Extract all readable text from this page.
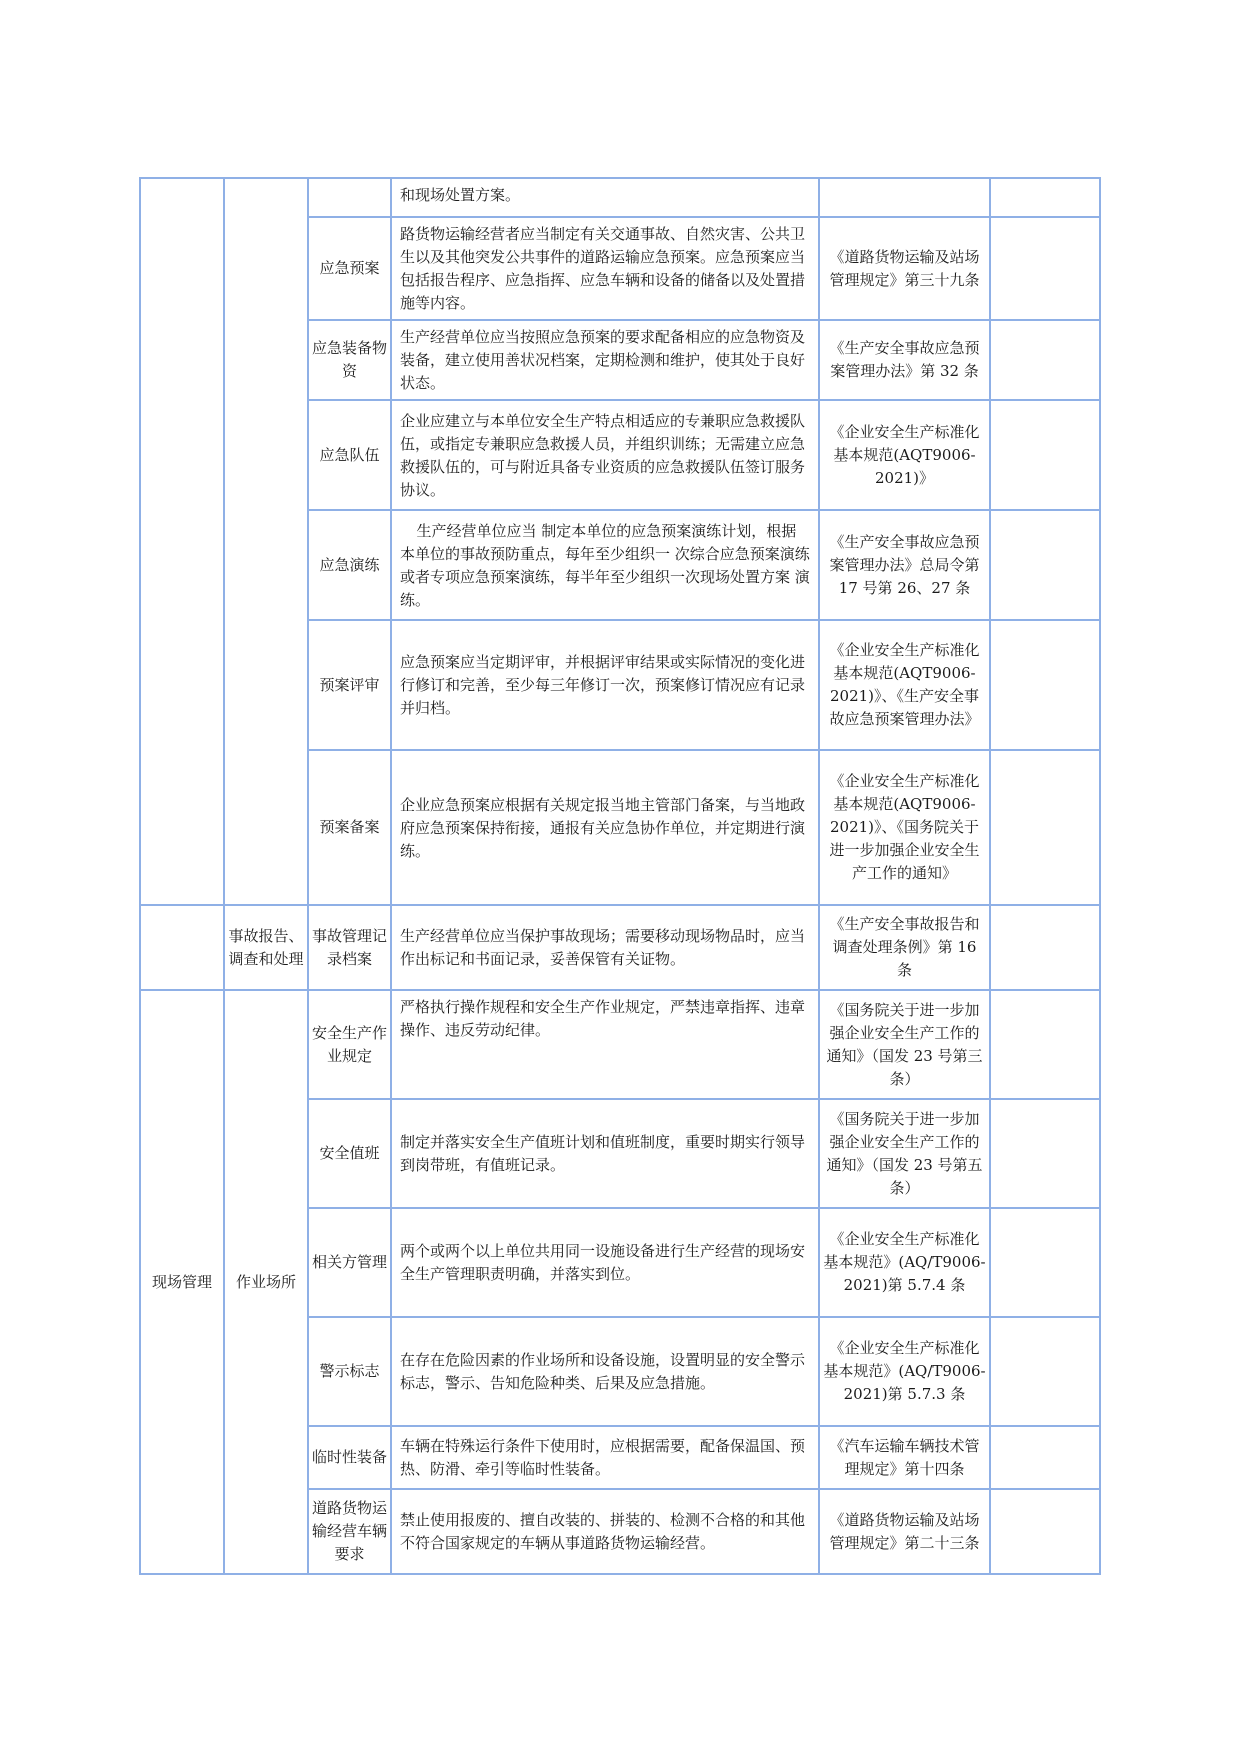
			和现场处置方案。		
		应急预案	路货物运输经营者应当制定有关交通事故、自然灾害、公共卫生以及其他突发公共事件的道路运输应急预案。应急预案应当包括报告程序、应急指挥、应急车辆和设备的储备以及处置措施等内容。	《道路货物运输及站场管理规定》第三十九条	
		应急装备物资	生产经营单位应当按照应急预案的要求配备相应的应急物资及装备，建立使用善状况档案，定期检测和维护，使其处于良好状态。	《生产安全事故应急预案管理办法》第 32 条	
		应急队伍	企业应建立与本单位安全生产特点相适应的专兼职应急救援队伍，或指定专兼职应急救援人员，并组织训练；无需建立应急救援队伍的，可与附近具备专业资质的应急救援队伍签订服务协议。	《企业安全生产标准化基本规范(AQT9006-2021)》	
		应急演练	生产经营单位应当 制定本单位的应急预案演练计划，根据本单位的事故预防重点，每年至少组织一 次综合应急预案演练或者专项应急预案演练，每半年至少组织一次现场处置方案 演练。	《生产安全事故应急预案管理办法》总局令第 17 号第 26、27 条	
		预案评审	应急预案应当定期评审，并根据评审结果或实际情况的变化进行修订和完善，至少每三年修订一次，预案修订情况应有记录并归档。	《企业安全生产标准化基本规范(AQT9006-2021)》、《生产安全事故应急预案管理办法》	
		预案备案	企业应急预案应根据有关规定报当地主管部门备案，与当地政府应急预案保持衔接，通报有关应急协作单位，并定期进行演练。	《企业安全生产标准化基本规范(AQT9006-2021)》、《国务院关于进一步加强企业安全生产工作的通知》	
	事故报告、调查和处理	事故管理记录档案	生产经营单位应当保护事故现场；需要移动现场物品时，应当作出标记和书面记录，妥善保管有关证物。	《生产安全事故报告和调查处理条例》第 16 条	
现场管理	作业场所	安全生产作业规定	严格执行操作规程和安全生产作业规定，严禁违章指挥、违章操作、违反劳动纪律。	《国务院关于进一步加强企业安全生产工作的通知》（国发 23 号第三条）	
		安全值班	制定并落实安全生产值班计划和值班制度，重要时期实行领导到岗带班，有值班记录。	《国务院关于进一步加强企业安全生产工作的通知》（国发 23 号第五条）	
		相关方管理	两个或两个以上单位共用同一设施设备进行生产经营的现场安全生产管理职责明确，并落实到位。	《企业安全生产标准化基本规范》(AQ/T9006-2021)第 5.7.4 条	
		警示标志	在存在危险因素的作业场所和设备设施，设置明显的安全警示标志，警示、告知危险种类、后果及应急措施。	《企业安全生产标准化基本规范》(AQ/T9006-2021)第 5.7.3 条	
		临时性装备	车辆在特殊运行条件下使用时，应根据需要，配备保温国、预热、防滑、牵引等临时性装备。	《汽车运输车辆技术管理规定》第十四条	
		道路货物运输经营车辆要求	禁止使用报废的、擅自改装的、拼装的、检测不合格的和其他不符合国家规定的车辆从事道路货物运输经营。	《道路货物运输及站场管理规定》第二十三条	
